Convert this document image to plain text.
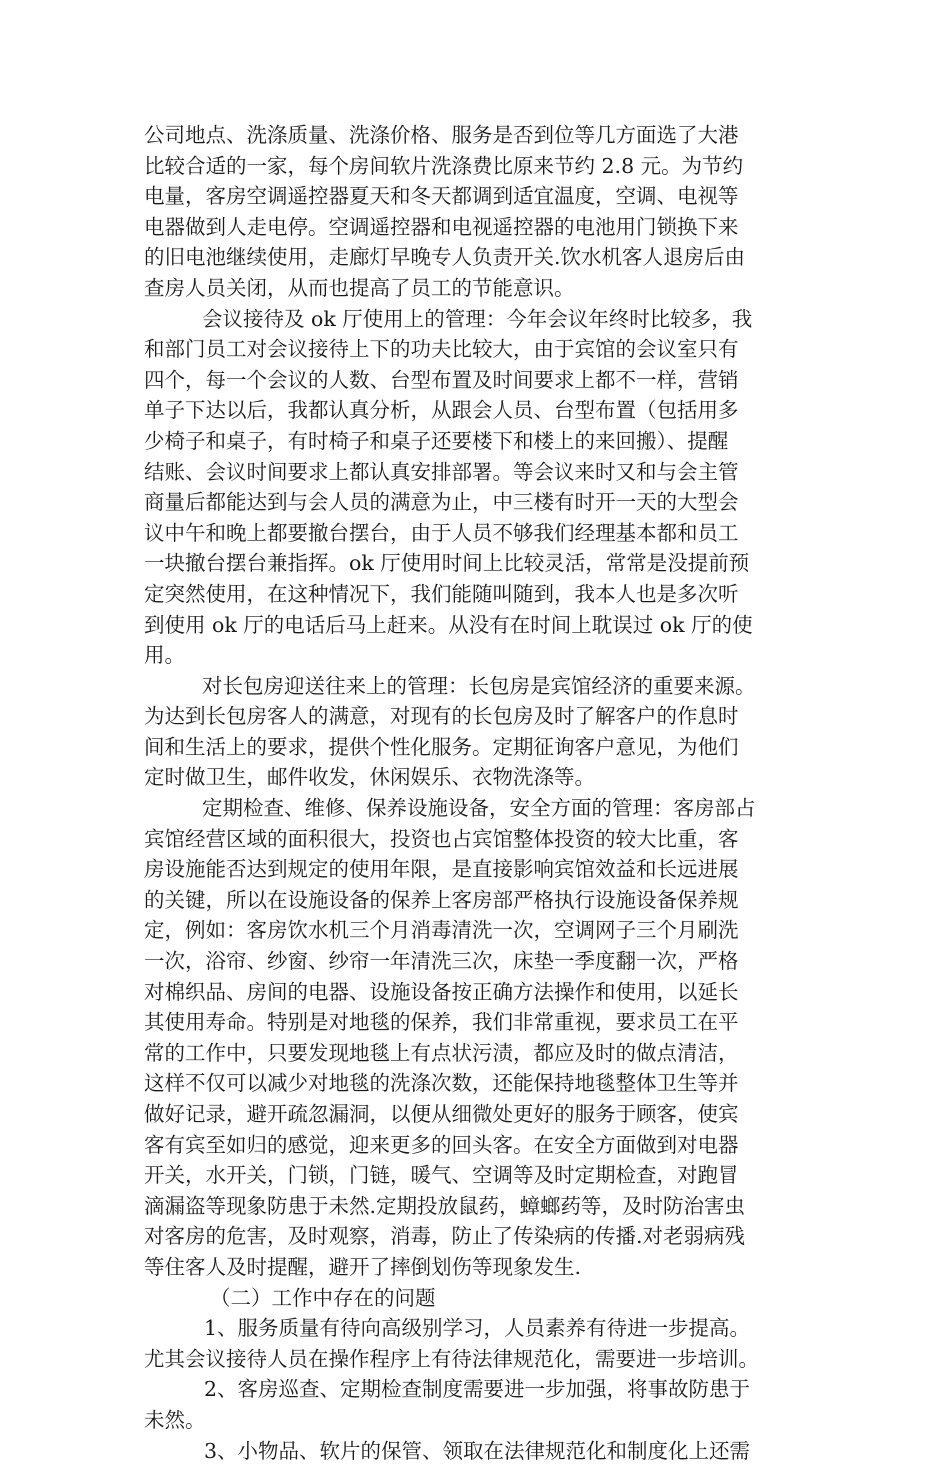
公司地点、洗涤质量、洗涤价格、服务是否到位等几方面选了大港
比较合适的一家，每个房间软片洗涤费比原来节约 2.8 元。为节约
电量，客房空调遥控器夏天和冬天都调到适宜温度，空调、电视等
电器做到人走电停。空调遥控器和电视遥控器的电池用门锁换下来
的旧电池继续使用，走廊灯早晚专人负责开关.饮水机客人退房后由
查房人员关闭，从而也提高了员工的节能意识。
会议接待及 ok 厅使用上的管理：今年会议年终时比较多，我
和部门员工对会议接待上下的功夫比较大，由于宾馆的会议室只有
四个，每一个会议的人数、台型布置及时间要求上都不一样，营销
单子下达以后，我都认真分析，从跟会人员、台型布置（包括用多
少椅子和桌子，有时椅子和桌子还要楼下和楼上的来回搬）、提醒
结账、会议时间要求上都认真安排部署。等会议来时又和与会主管
商量后都能达到与会人员的满意为止，中三楼有时开一天的大型会
议中午和晚上都要撤台摆台，由于人员不够我们经理基本都和员工
一块撤台摆台兼指挥。ok 厅使用时间上比较灵活，常常是没提前预
定突然使用，在这种情况下，我们能随叫随到，我本人也是多次听
到使用 ok 厅的电话后马上赶来。从没有在时间上耽误过 ok 厅的使
用。
对长包房迎送往来上的管理：长包房是宾馆经济的重要来源。
为达到长包房客人的满意，对现有的长包房及时了解客户的作息时
间和生活上的要求，提供个性化服务。定期征询客户意见，为他们
定时做卫生，邮件收发，休闲娱乐、衣物洗涤等。
定期检查、维修、保养设施设备，安全方面的管理：客房部占
宾馆经营区域的面积很大，投资也占宾馆整体投资的较大比重，客
房设施能否达到规定的使用年限，是直接影响宾馆效益和长远进展
的关键，所以在设施设备的保养上客房部严格执行设施设备保养规
定，例如：客房饮水机三个月消毒清洗一次，空调网子三个月刷洗
一次，浴帘、纱窗、纱帘一年清洗三次，床垫一季度翻一次，严格
对棉织品、房间的电器、设施设备按正确方法操作和使用，以延长
其使用寿命。特别是对地毯的保养，我们非常重视，要求员工在平
常的工作中，只要发现地毯上有点状污渍，都应及时的做点清洁，
这样不仅可以减少对地毯的洗涤次数，还能保持地毯整体卫生等并
做好记录，避开疏忽漏洞，以便从细微处更好的服务于顾客，使宾
客有宾至如归的感觉，迎来更多的回头客。在安全方面做到对电器
开关，水开关，门锁，门链，暖气、空调等及时定期检查，对跑冒
滴漏盗等现象防患于未然.定期投放鼠药，蟑螂药等，及时防治害虫
对客房的危害，及时观察，消毒，防止了传染病的传播.对老弱病残
等住客人及时提醒，避开了摔倒划伤等现象发生.
（二）工作中存在的问题
1、服务质量有待向高级别学习，人员素养有待进一步提高。
尤其会议接待人员在操作程序上有待法律规范化，需要进一步培训。
2、客房巡查、定期检查制度需要进一步加强，将事故防患于
未然。
3、小物品、软片的保管、领取在法律规范化和制度化上还需
